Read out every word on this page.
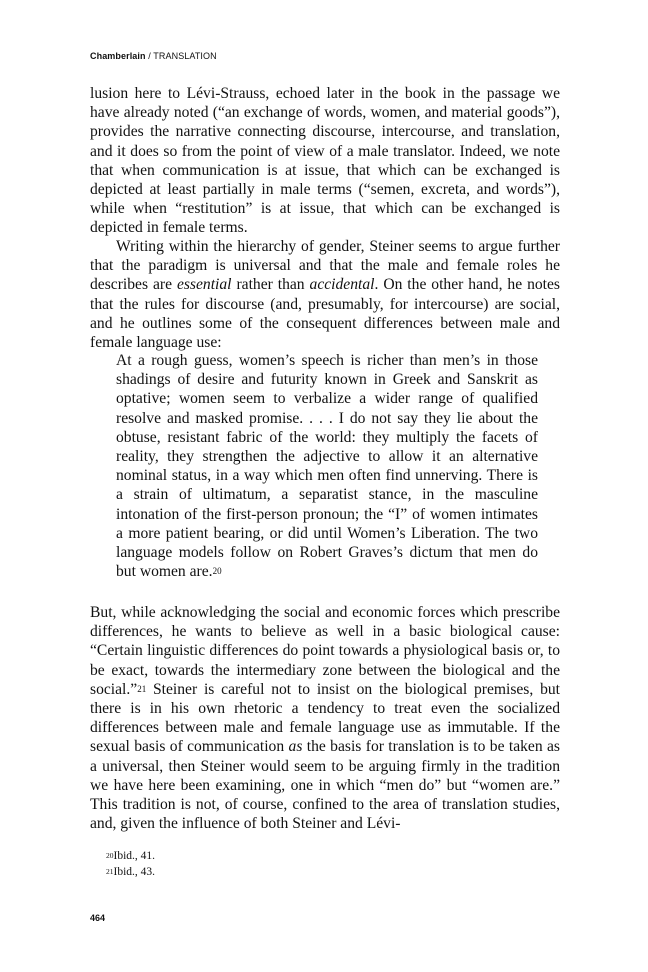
Chamberlain / TRANSLATION

lusion here to Lévi-Strauss, echoed later in the book in the passage we have already noted (“an exchange of words, women, and material goods”), provides the narrative connecting discourse, intercourse, and translation, and it does so from the point of view of a male translator. Indeed, we note that when communication is at issue, that which can be exchanged is depicted at least partially in male terms (“semen, excreta, and words”), while when “restitution” is at issue, that which can be exchanged is depicted in female terms.

Writing within the hierarchy of gender, Steiner seems to argue further that the paradigm is universal and that the male and female roles he describes are essential rather than accidental. On the other hand, he notes that the rules for discourse (and, presumably, for intercourse) are social, and he outlines some of the consequent differences between male and female language use:

At a rough guess, women’s speech is richer than men’s in those shadings of desire and futurity known in Greek and Sanskrit as optative; women seem to verbalize a wider range of qualified resolve and masked promise. . . . I do not say they lie about the obtuse, resistant fabric of the world: they multiply the facets of reality, they strengthen the adjective to allow it an alternative nominal status, in a way which men often find unnerving. There is a strain of ultimatum, a separatist stance, in the masculine intonation of the first-person pronoun; the “I” of women intimates a more patient bearing, or did until Women’s Liberation. The two language models follow on Robert Graves’s dictum that men do but women are.$^{20}$

But, while acknowledging the social and economic forces which prescribe differences, he wants to believe as well in a basic biological cause: “Certain linguistic differences do point towards a physiological basis or, to be exact, towards the intermediary zone between the biological and the social.”$^{21}$ Steiner is careful not to insist on the biological premises, but there is in his own rhetoric a tendency to treat even the socialized differences between male and female language use as immutable. If the sexual basis of communication as the basis for translation is to be taken as a universal, then Steiner would seem to be arguing firmly in the tradition we have here been examining, one in which “men do” but “women are.” This tradition is not, of course, confined to the area of translation studies, and, given the influence of both Steiner and Lévi-

$^{20}$Ibid., 41.
$^{21}$Ibid., 43.
464
